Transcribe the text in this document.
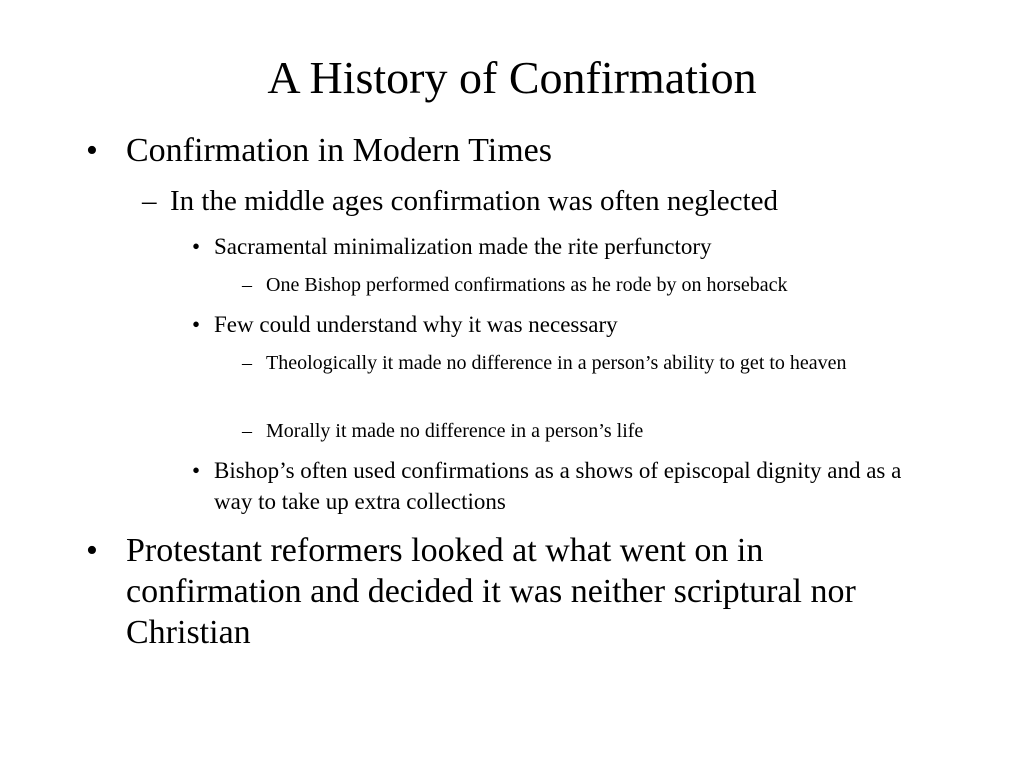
A History of Confirmation
• Confirmation in Modern Times
– In the middle ages confirmation was often neglected
• Sacramental minimalization made the rite perfunctory
– One Bishop performed confirmations as he rode by on horseback
• Few could understand why it was necessary
– Theologically it made no difference in a person’s ability to get to heaven
– Morally it made no difference in a person’s life
• Bishop’s often used confirmations as a shows of episcopal dignity and as a way to take up extra collections
• Protestant reformers looked at what went on in confirmation and decided it was neither scriptural nor Christian
